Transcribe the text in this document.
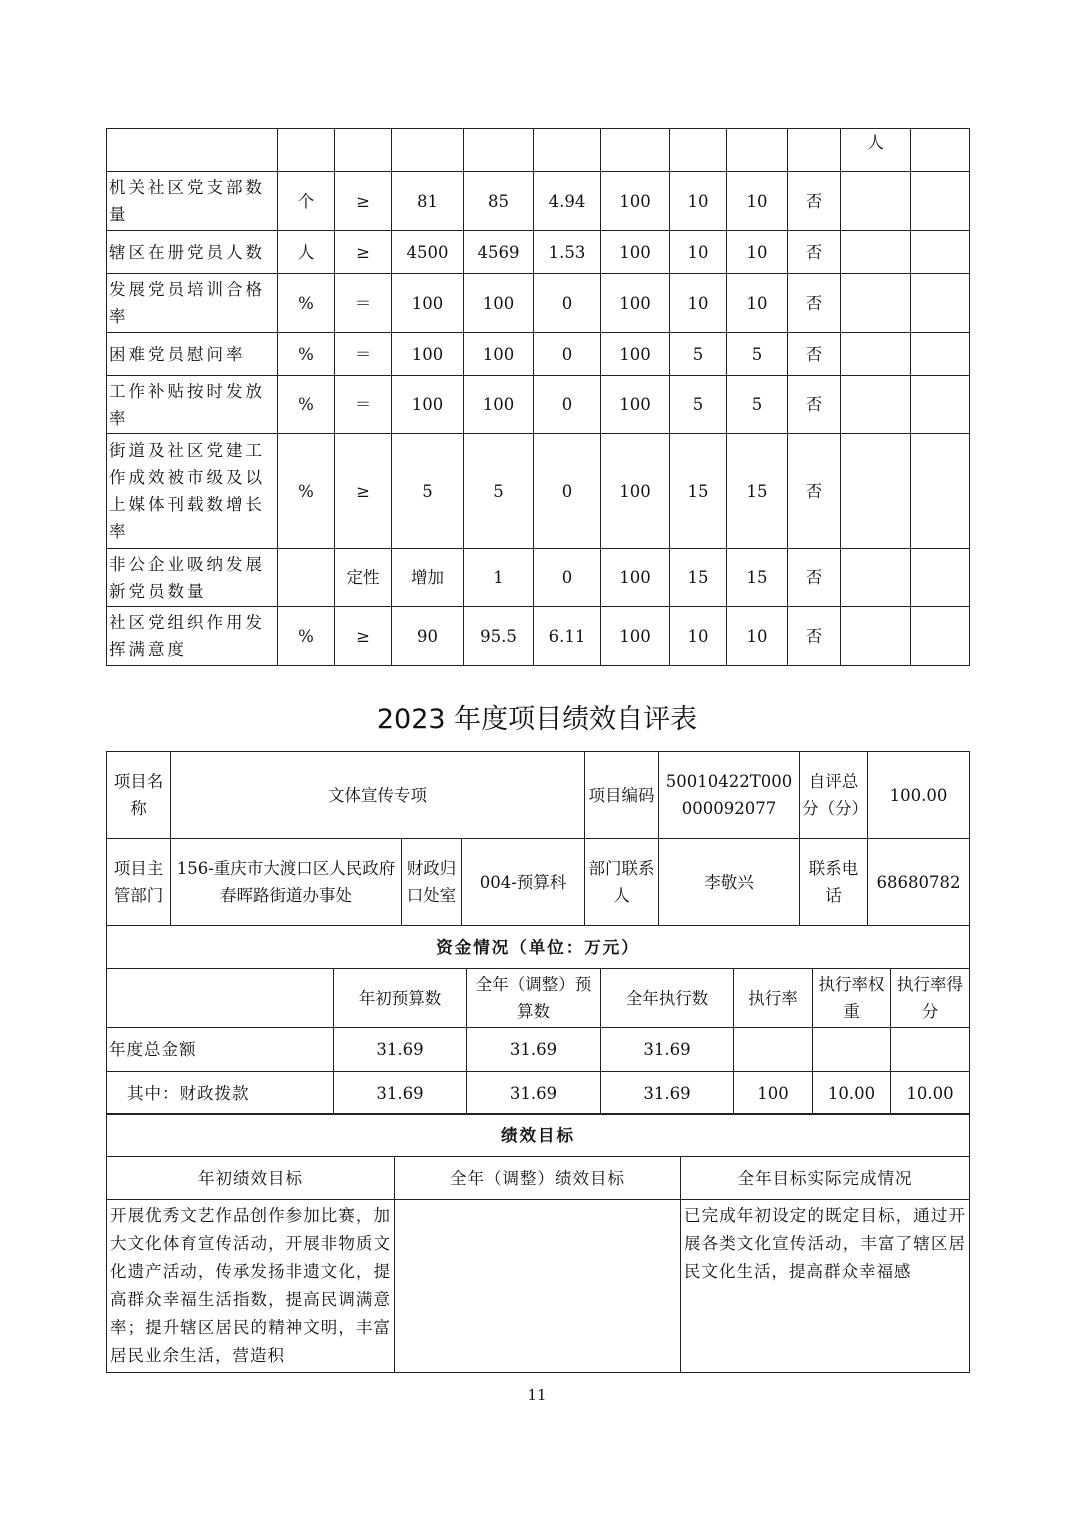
										人	
机关社区党支部数量	个	≥	81	85	4.94	100	10	10	否		
辖区在册党员人数	人	≥	4500	4569	1.53	100	10	10	否		
发展党员培训合格率	%	＝	100	100	0	100	10	10	否		
困难党员慰问率	%	＝	100	100	0	100	5	5	否		
工作补贴按时发放率	%	＝	100	100	0	100	5	5	否		
街道及社区党建工作成效被市级及以上媒体刊载数增长率	%	≥	5	5	0	100	15	15	否		
非公企业吸纳发展新党员数量		定性	增加	1	0	100	15	15	否		
社区党组织作用发挥满意度	%	≥	90	95.5	6.11	100	10	10	否		
2023 年度项目绩效自评表
项目名称	文体宣传专项			项目编码	50010422T000000092077	自评总分（分）	100.00
项目主管部门	156-重庆市大渡口区人民政府春晖路街道办事处	财政归口处室	004-预算科	部门联系人	李敬兴	联系电话	68680782
资金情况（单位：万元）						
	年初预算数	全年（调整）预算数	全年执行数	执行率	执行率权重	执行率得分
年度总金额	31.69	31.69	31.69			
其中：财政拨款	31.69	31.69	31.69	100	10.00	10.00
绩效目标		
年初绩效目标	全年（调整）绩效目标	全年目标实际完成情况
开展优秀文艺作品创作参加比赛，加大文化体育宣传活动，开展非物质文化遗产活动，传承发扬非遗文化，提高群众幸福生活指数，提高民调满意率；提升辖区居民的精神文明，丰富居民业余生活，营造积		已完成年初设定的既定目标，通过开展各类文化宣传活动，丰富了辖区居民文化生活，提高群众幸福感
11
